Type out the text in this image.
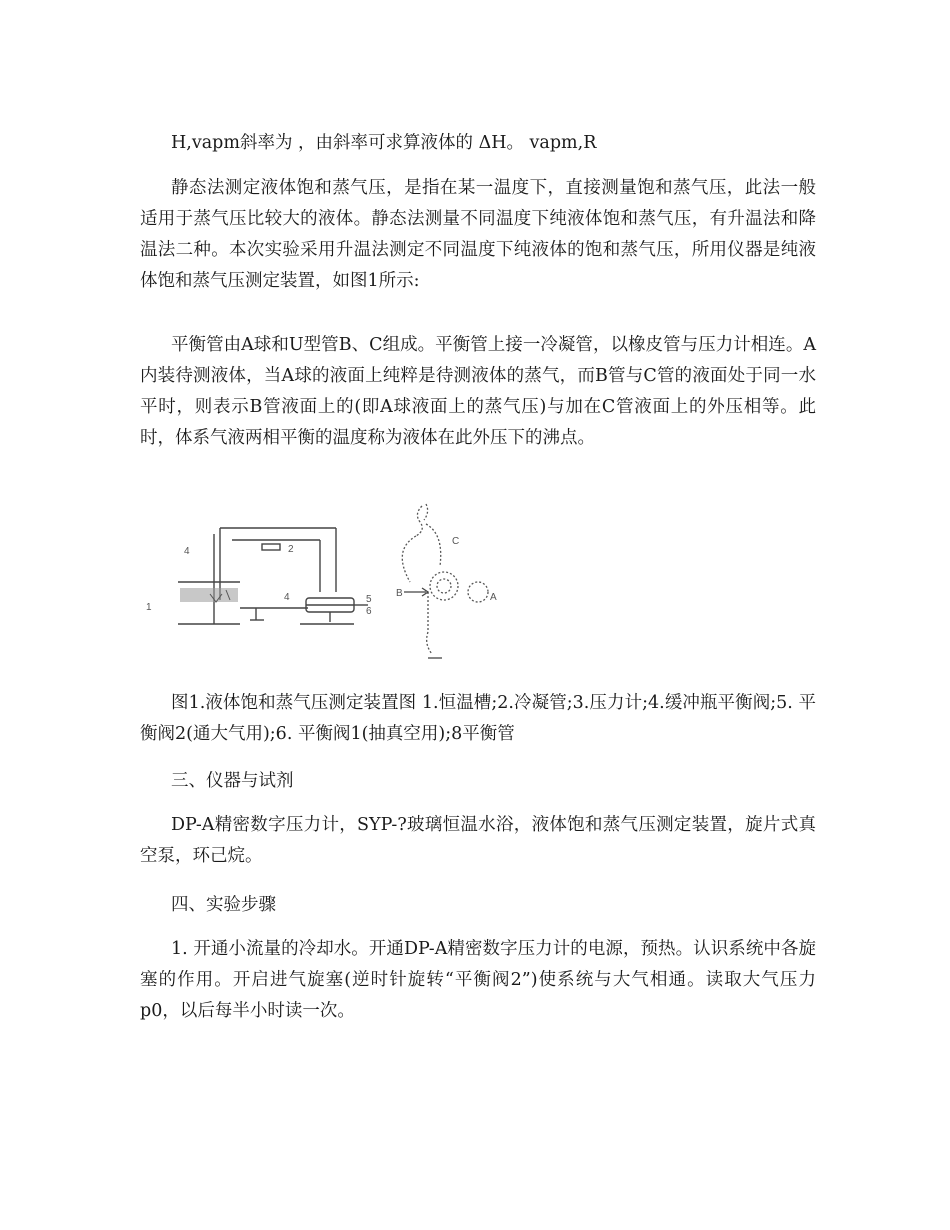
H,vapm斜率为 ，由斜率可求算液体的 ΔH。 vapm,R

静态法测定液体饱和蒸气压，是指在某一温度下，直接测量饱和蒸气压，此法一般适用于蒸气压比较大的液体。静态法测量不同温度下纯液体饱和蒸气压，有升温法和降温法二种。本次实验采用升温法测定不同温度下纯液体的饱和蒸气压，所用仪器是纯液体饱和蒸气压测定装置，如图1所示:

平衡管由A球和U型管B、C组成。平衡管上接一冷凝管，以橡皮管与压力计相连。A内装待测液体，当A球的液面上纯粹是待测液体的蒸气，而B管与C管的液面处于同一水平时，则表示B管液面上的(即A球液面上的蒸气压)与加在C管液面上的外压相等。此时，体系气液两相平衡的温度称为液体在此外压下的沸点。

1
4	2
4	5
6
B
C
A

图1.液体饱和蒸气压测定装置图 1.恒温槽;2.冷凝管;3.压力计;4.缓冲瓶平衡阀;5. 平衡阀2(通大气用);6. 平衡阀1(抽真空用);8平衡管

三、仪器与试剂

DP-A精密数字压力计，SYP-?玻璃恒温水浴，液体饱和蒸气压测定装置，旋片式真空泵，环己烷。

四、实验步骤

1. 开通小流量的冷却水。开通DP-A精密数字压力计的电源，预热。认识系统中各旋塞的作用。开启进气旋塞(逆时针旋转“平衡阀2”)使系统与大气相通。读取大气压力p0，以后每半小时读一次。
